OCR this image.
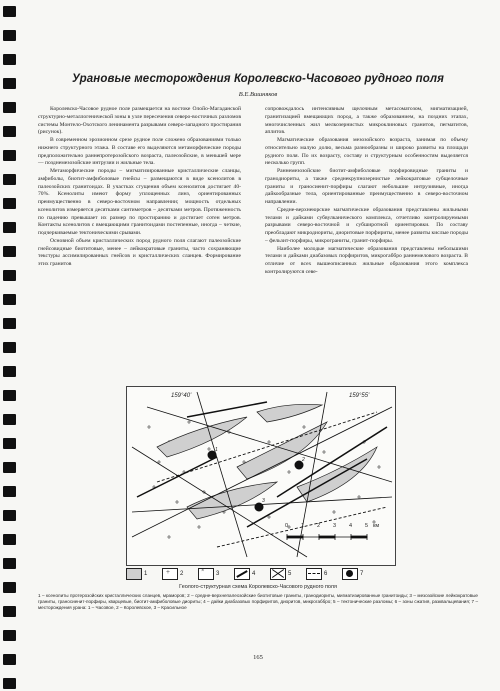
Урановые месторождения Королевско-Часового рудного поля
В.Е.Вишняков

Королевско-Часовое рудное поле размещается на востоке Олойо-Магаданской структурно-металлогенической зоны в узле пересечения северо-восточных разломов системы Монтело-Охотского ленинамента разрывами северо-западного простирания (рисунок).

В современном эрозионном срезе рудное поле сложено образованиями только нижнего структурного этажа. В составе его выделяются метаморфические породы предположительно раннепротерозойского возраста, палеозойские, в меньшей мере — позднемезозойские интрузии и жильные тела.

Метаморфические породы – мигматизированные кристаллические сланцы, амфиболы, биотит-амфиболовые гнейсы – размещаются в виде ксенолитов в палеозойских гранитоидах. В участках сгущения объем ксенолитов достигает 40-70%. Ксенолиты имеют форму уплощенных линз, ориентированных преимущественно в северо-восточном направлении; мощность отдельных ксенолитов измеряется десятками сантиметров – десятками метров. Протяженность по падению превышает их размер по простиранию и достигает сотен метров. Контакты ксенолитов с вмещающими гранитоидами постепенные, иногда – четкие, подчеркиваемые тектоническими срывами.

Основной объем кристаллических пород рудного поля слагают палеозойские гнейсовидные биотитовые, менее – лейкократовые граниты, часто сохраняющие текстуры ассимилированных гнейсов и кристаллических сланцев. Формирование этих гранитов

сопровождалось интенсивным щелочным метасоматозом, мигматизацией, гранитизацией вмещающих пород, а также образованием, на поздних этапах, многочисленных жил мелкозернистых микроклиновых гранитов, пегматитов, аплитов.

Магматические образования мезозойского возраста, занимая по объему относительно малую долю, весьма разнообразны и широко развиты на площади рудного поля. По их возрасту, составу и структурным особенностям выделяется несколько групп.

Раннемезозойские биотит-амфиболовые порфировидные граниты и гранодиориты, а также среднекрупнозернистые лейкократовые субщелочные граниты и граносиенит-порфиры слагают небольшие интрузивные, иногда дайкообразные тела, ориентированные преимущественно в северо-восточном направлении.

Средне-верхнеюрские магматические образования представлены жильными телами и дайками субвулканического комплекса, отчетливо контролируемыми разрывами северо-восточной и субширотной ориентировки. По составу преобладают микродиориты, диоритовые порфириты, менее развиты кислые породы – фельзит-порфиры, микрограниты, гранит-порфиры.

Наиболее молодые магматические образования представлены небольшими телами и дайками диабазовых порфиритов, микрогаббро раннемелового возраста. В отличие от всех вышеописанных жильные образования этого комплекса контролируются севе-

159°40'	159°55'
1
2
3
0 1 2 3 4 5 км
1	+ 2	× 3	4	5	6	7
Геолого-структурная схема Королевско-Часового рудного поля
1 – ксенолиты протерозойских кристаллических сланцев, мраморов; 2 – средне-верхнепалеозойские биотитовые граниты, гранодиориты, мигматизированные гранитоиды; 3 – мезозойские лейкократовые граниты, граносиенит-порфиры, кварцевые, биотит-амфиболовые диориты; 4 – дайки диабазовых порфиритов, диоритов, микрогаббро; 5 – тектонические разломы; 6 – зоны сжатия, разквальцевания; 7 – месторождения урана: 1 – Часовое, 2 – Королевское, 3 – Красильное
165
